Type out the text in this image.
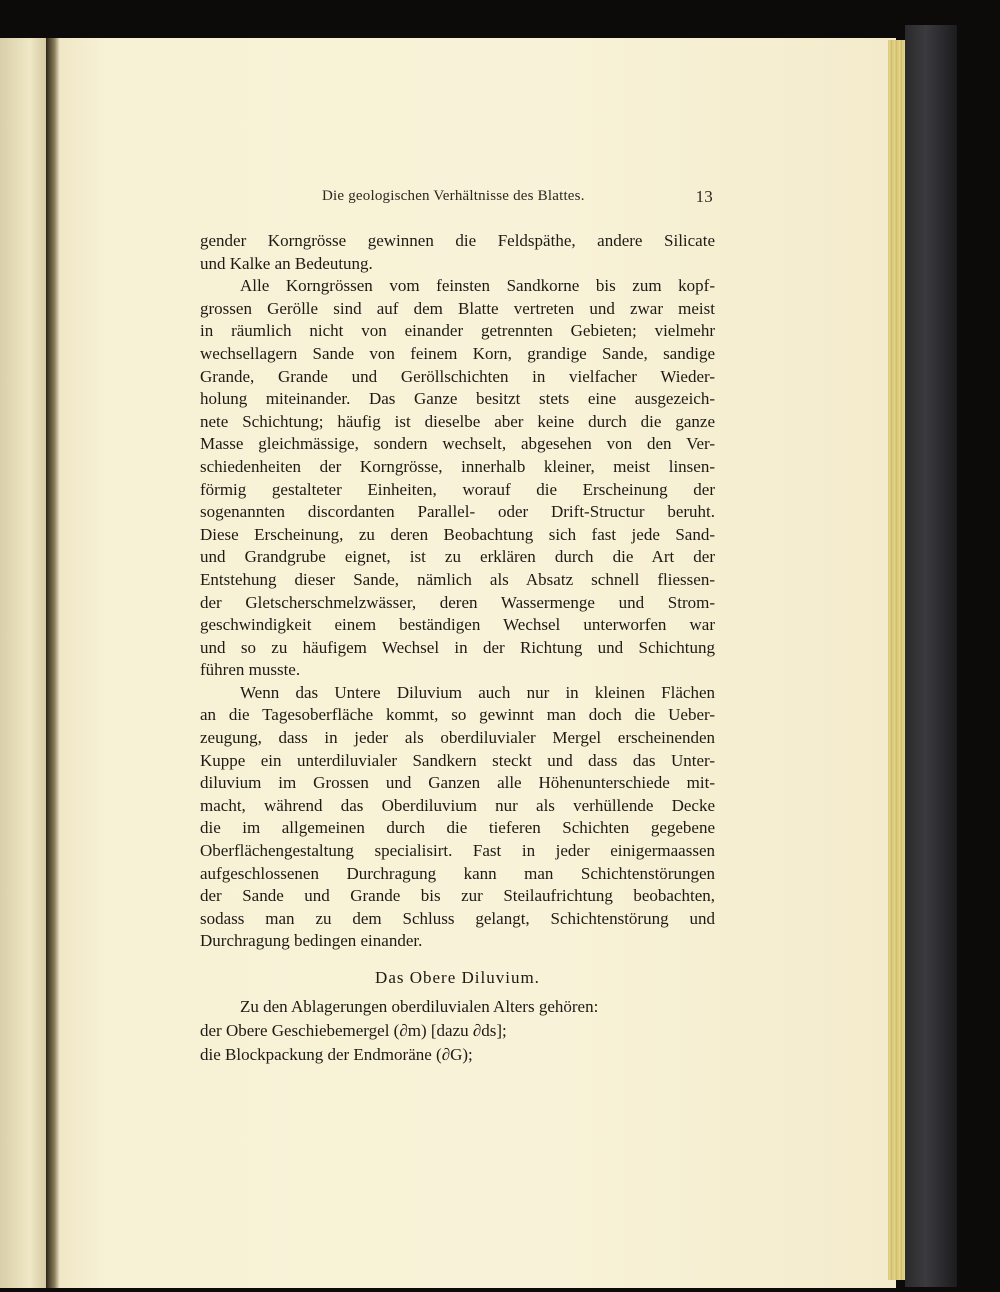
Die geologischen Verhältnisse des Blattes.	13
gender Korngrösse gewinnen die Feldspäthe, andere Silicate
und Kalke an Bedeutung.
Alle Korngrössen vom feinsten Sandkorne bis zum kopf-
grossen Gerölle sind auf dem Blatte vertreten und zwar meist
in räumlich nicht von einander getrennten Gebieten; vielmehr
wechsellagern Sande von feinem Korn, grandige Sande, sandige
Grande, Grande und Geröllschichten in vielfacher Wieder-
holung miteinander. Das Ganze besitzt stets eine ausgezeich-
nete Schichtung; häufig ist dieselbe aber keine durch die ganze
Masse gleichmässige, sondern wechselt, abgesehen von den Ver-
schiedenheiten der Korngrösse, innerhalb kleiner, meist linsen-
förmig gestalteter Einheiten, worauf die Erscheinung der
sogenannten discordanten Parallel- oder Drift-Structur beruht.
Diese Erscheinung, zu deren Beobachtung sich fast jede Sand-
und Grandgrube eignet, ist zu erklären durch die Art der
Entstehung dieser Sande, nämlich als Absatz schnell fliessen-
der Gletscherschmelzwässer, deren Wassermenge und Strom-
geschwindigkeit einem beständigen Wechsel unterworfen war
und so zu häufigem Wechsel in der Richtung und Schichtung
führen musste.
Wenn das Untere Diluvium auch nur in kleinen Flächen
an die Tagesoberfläche kommt, so gewinnt man doch die Ueber-
zeugung, dass in jeder als oberdiluvialer Mergel erscheinenden
Kuppe ein unterdiluvialer Sandkern steckt und dass das Unter-
diluvium im Grossen und Ganzen alle Höhenunterschiede mit-
macht, während das Oberdiluvium nur als verhüllende Decke
die im allgemeinen durch die tieferen Schichten gegebene
Oberflächengestaltung specialisirt. Fast in jeder einigermaassen
aufgeschlossenen Durchragung kann man Schichtenstörungen
der Sande und Grande bis zur Steilaufrichtung beobachten,
sodass man zu dem Schluss gelangt, Schichtenstörung und
Durchragung bedingen einander.
Das Obere Diluvium.
Zu den Ablagerungen oberdiluvialen Alters gehören:
der Obere Geschiebemergel (∂m) [dazu ∂ds];
die Blockpackung der Endmoräne (∂G);
